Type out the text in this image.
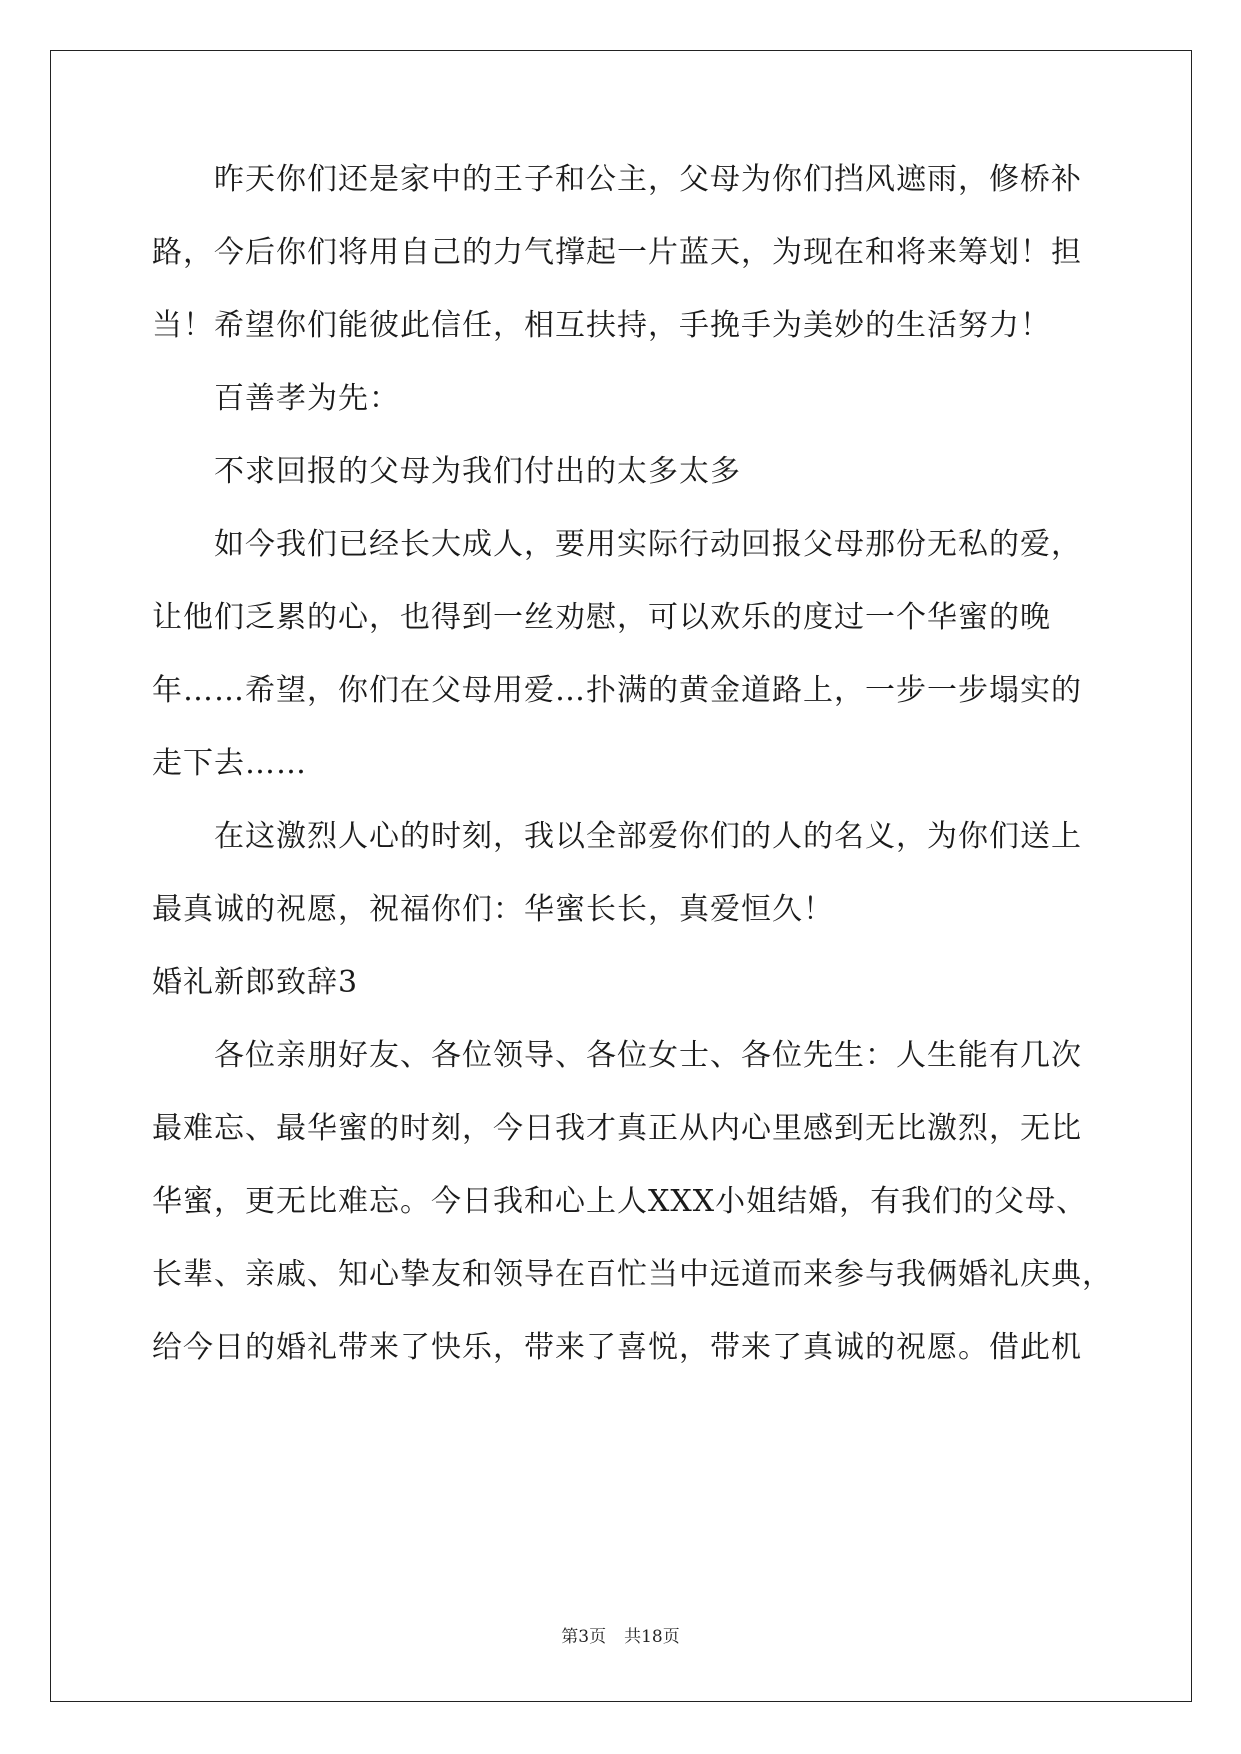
昨天你们还是家中的王子和公主，父母为你们挡风遮雨，修桥补
路，今后你们将用自己的力气撑起一片蓝天，为现在和将来筹划！担
当！希望你们能彼此信任，相互扶持，手挽手为美妙的生活努力！
百善孝为先：
不求回报的父母为我们付出的太多太多
如今我们已经长大成人，要用实际行动回报父母那份无私的爱，
让他们乏累的心，也得到一丝劝慰，可以欢乐的度过一个华蜜的晚
年……希望，你们在父母用爱…扑满的黄金道路上，一步一步塌实的
走下去……
在这激烈人心的时刻，我以全部爱你们的人的名义，为你们送上
最真诚的祝愿，祝福你们：华蜜长长，真爱恒久！
婚礼新郎致辞3
各位亲朋好友、各位领导、各位女士、各位先生：人生能有几次
最难忘、最华蜜的时刻，今日我才真正从内心里感到无比激烈，无比
华蜜，更无比难忘。今日我和心上人XXX小姐结婚，有我们的父母、
长辈、亲戚、知心挚友和领导在百忙当中远道而来参与我俩婚礼庆典，
给今日的婚礼带来了快乐，带来了喜悦，带来了真诚的祝愿。借此机
第3页 共18页
